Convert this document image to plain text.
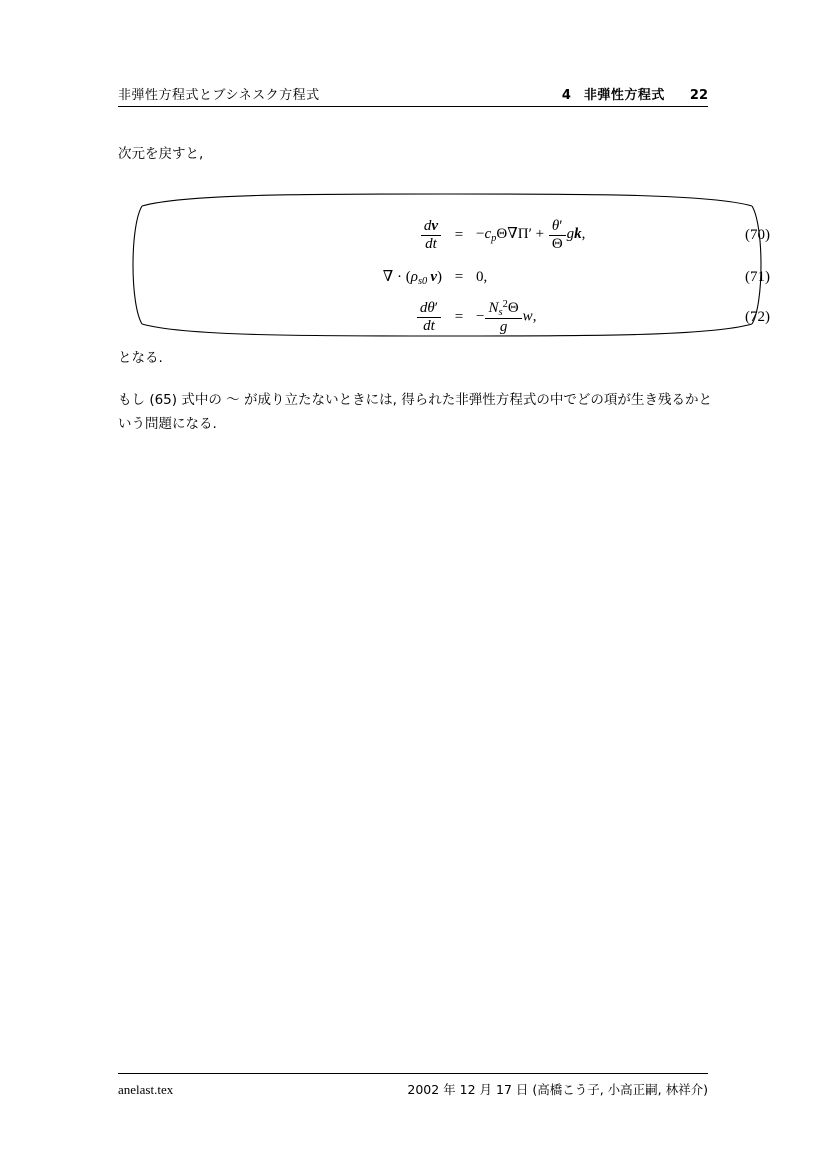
非弾性方程式とブシネスク方程式	4 非弾性方程式 22
次元を戻すと,
$\frac{dv}{dt}$	=	$-c_p\Theta\nabla\Pi' + \frac{\theta'}{\Theta}$ gk,	(70)
∇ · ($\rho_{s0}$  v)	=	0,	(71)

$\frac{d\theta'}{dt}$	=	− $\frac{N_s^2\Theta}{g} w$,	(72)
となる.
もし (65) 式中の 〜 が成り立たないときには, 得られた非弾性方程式の中でどの項が生き残るかという問題になる.
anelast.tex	2002 年 12 月 17 日 (高橋こう子, 小高正嗣, 林祥介)
